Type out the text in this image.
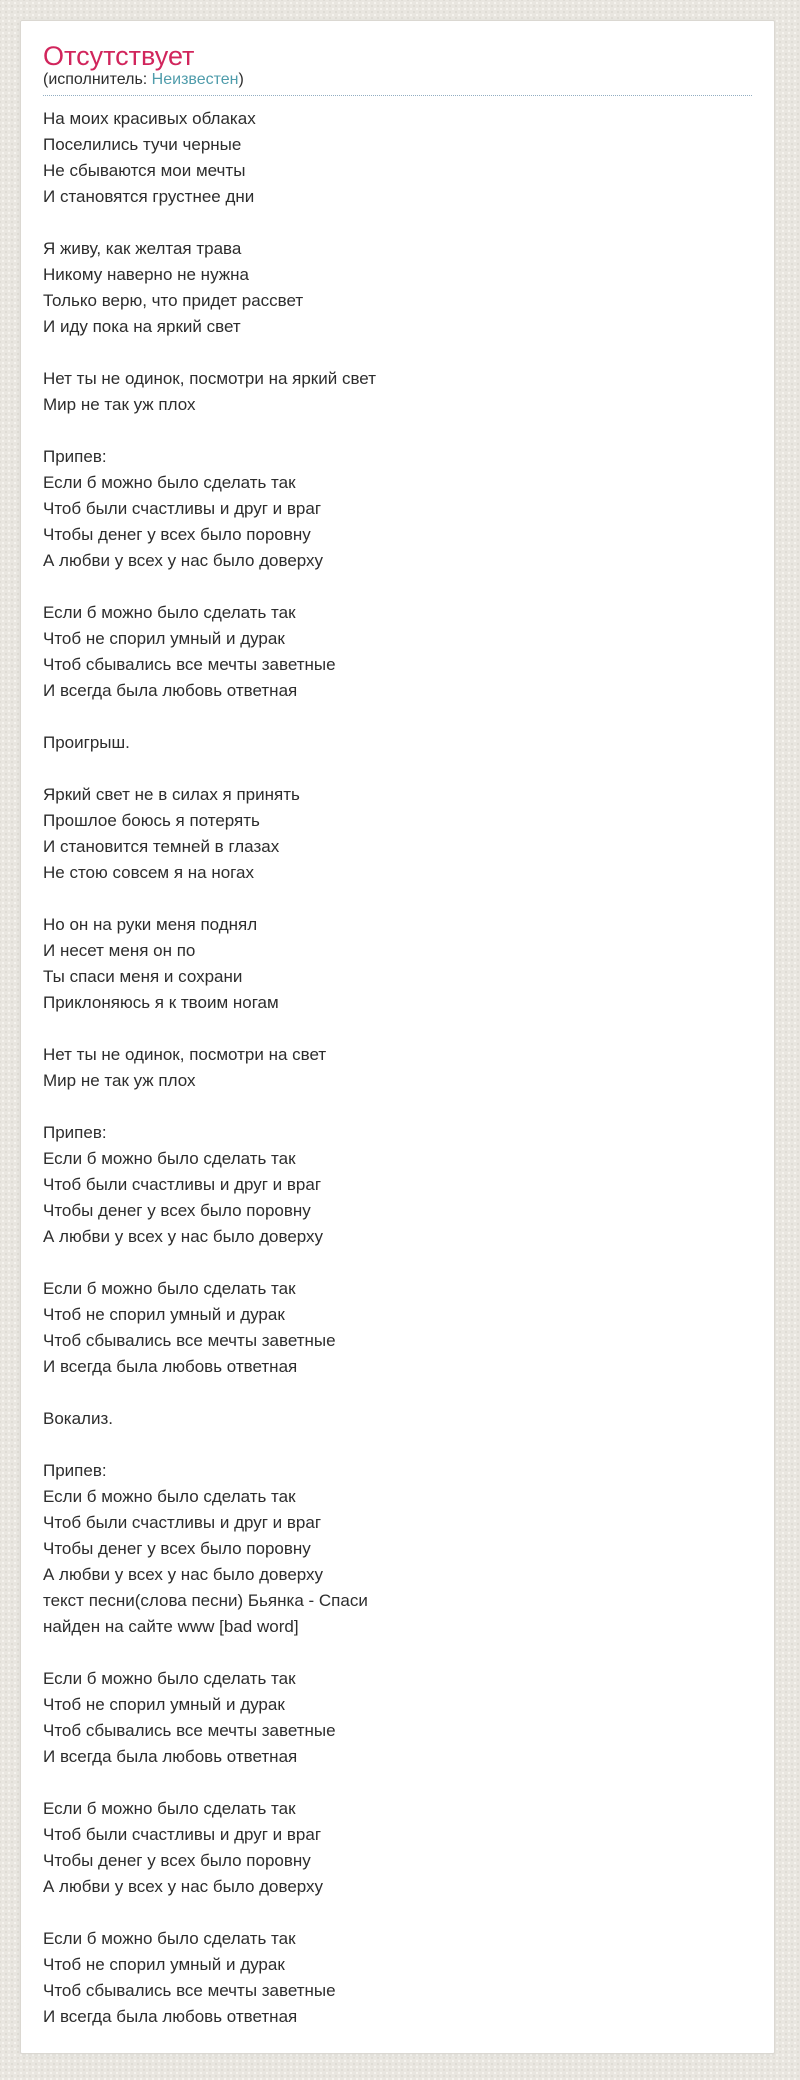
Отсутствует
(исполнитель: Неизвестен)
На моих красивых облаках
Поселились тучи черные
Не сбываются мои мечты
И становятся грустнее дни

Я живу, как желтая трава
Никому наверно не нужна
Только верю, что придет рассвет
И иду пока на яркий свет

Нет ты не одинок, посмотри на яркий свет
Мир не так уж плох

Припев:
Если б можно было сделать так
Чтоб были счастливы и друг и враг
Чтобы денег у всех было поровну
А любви у всех у нас было доверху

Если б можно было сделать так
Чтоб не спорил умный и дурак
Чтоб сбывались все мечты заветные
И всегда была любовь ответная

Проигрыш.

Яркий свет не в силах я принять
Прошлое боюсь я потерять
И становится темней в глазах
Не стою совсем я на ногах

Но он на руки меня поднял
И несет меня он по
Ты спаси меня и сохрани
Приклоняюсь я к твоим ногам

Нет ты не одинок, посмотри на свет
Мир не так уж плох

Припев:
Если б можно было сделать так
Чтоб были счастливы и друг и враг
Чтобы денег у всех было поровну
А любви у всех у нас было доверху

Если б можно было сделать так
Чтоб не спорил умный и дурак
Чтоб сбывались все мечты заветные
И всегда была любовь ответная

Вокализ.

Припев:
Если б можно было сделать так
Чтоб были счастливы и друг и враг
Чтобы денег у всех было поровну
А любви у всех у нас было доверху
текст песни(слова песни) Бьянка - Спаси
найден на сайте www [bad word]

Если б можно было сделать так
Чтоб не спорил умный и дурак
Чтоб сбывались все мечты заветные
И всегда была любовь ответная

Если б можно было сделать так
Чтоб были счастливы и друг и враг
Чтобы денег у всех было поровну
А любви у всех у нас было доверху

Если б можно было сделать так
Чтоб не спорил умный и дурак
Чтоб сбывались все мечты заветные
И всегда была любовь ответная
